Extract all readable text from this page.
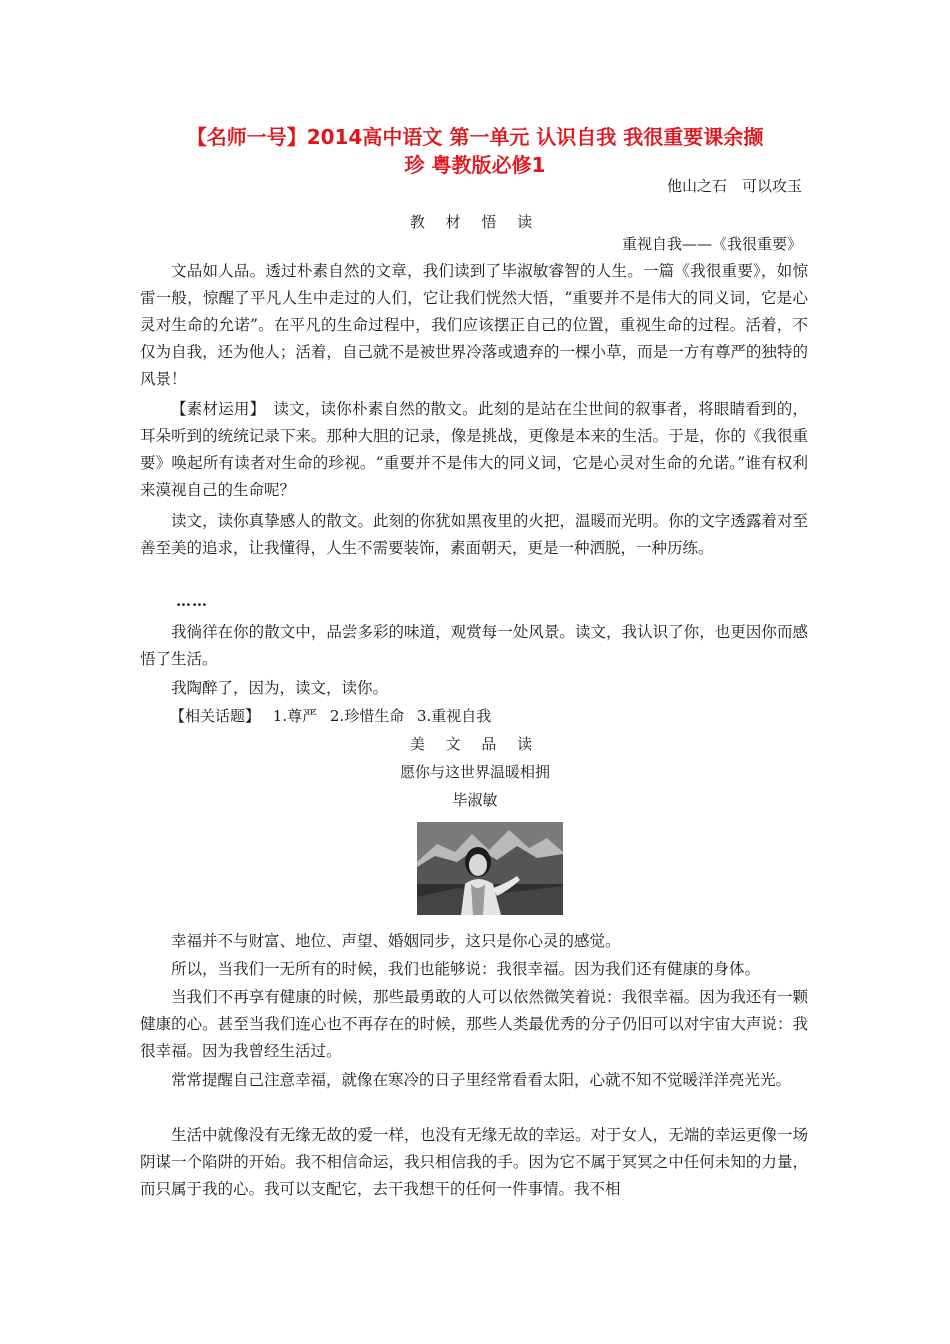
【名师一号】2014高中语文 第一单元 认识自我 我很重要课余撷
珍 粤教版必修1
他山之石　可以攻玉
教 材 悟 读
重视自我——《我很重要》

文品如人品。透过朴素自然的文章，我们读到了毕淑敏睿智的人生。一篇《我很重要》，如惊雷一般，惊醒了平凡人生中走过的人们，它让我们恍然大悟，“重要并不是伟大的同义词，它是心灵对生命的允诺”。在平凡的生命过程中，我们应该摆正自己的位置，重视生命的过程。活着，不仅为自我，还为他人；活着，自己就不是被世界冷落或遗弃的一棵小草，而是一方有尊严的独特的风景！

【素材运用】　读文，读你朴素自然的散文。此刻的是站在尘世间的叙事者，将眼睛看到的，耳朵听到的统统记录下来。那种大胆的记录，像是挑战，更像是本来的生活。于是，你的《我很重要》唤起所有读者对生命的珍视。“重要并不是伟大的同义词，它是心灵对生命的允诺。”谁有权利来漠视自己的生命呢？

读文，读你真挚感人的散文。此刻的你犹如黑夜里的火把，温暖而光明。你的文字透露着对至善至美的追求，让我懂得，人生不需要装饰，素面朝天，更是一种洒脱，一种历练。

……

我徜徉在你的散文中，品尝多彩的味道，观赏每一处风景。读文，我认识了你，也更因你而感悟了生活。

我陶醉了，因为，读文，读你。

【相关话题】 1.尊严 2.珍惜生命 3.重视自我
美 文 品 读
愿你与这世界温暖相拥
毕淑敏

幸福并不与财富、地位、声望、婚姻同步，这只是你心灵的感觉。

所以，当我们一无所有的时候，我们也能够说：我很幸福。因为我们还有健康的身体。

当我们不再享有健康的时候，那些最勇敢的人可以依然微笑着说：我很幸福。因为我还有一颗健康的心。甚至当我们连心也不再存在的时候，那些人类最优秀的分子仍旧可以对宇宙大声说：我很幸福。因为我曾经生活过。

常常提醒自己注意幸福，就像在寒冷的日子里经常看看太阳，心就不知不觉暖洋洋亮光光。

生活中就像没有无缘无故的爱一样，也没有无缘无故的幸运。对于女人，无端的幸运更像一场阴谋一个陷阱的开始。我不相信命运，我只相信我的手。因为它不属于冥冥之中任何未知的力量，而只属于我的心。我可以支配它，去干我想干的任何一件事情。我不相
